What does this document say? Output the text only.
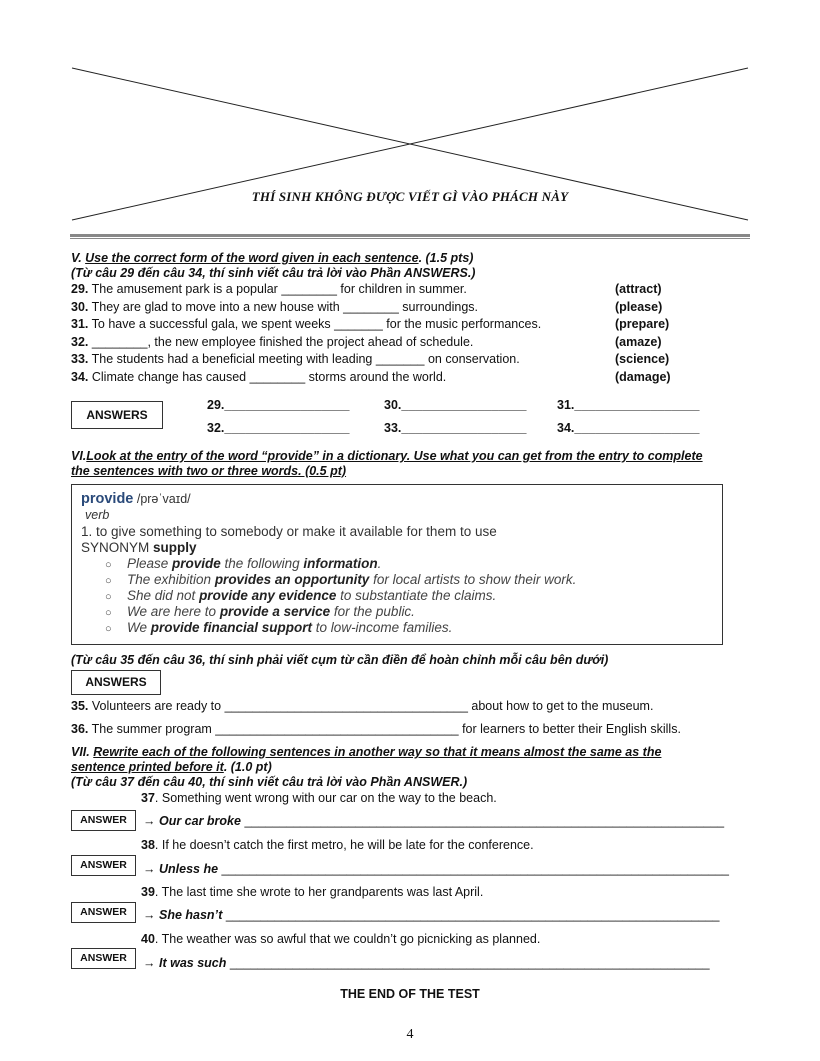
THÍ SINH KHÔNG ĐƯỢC VIẾT GÌ VÀO PHÁCH NÀY
V. Use the correct form of the word given in each sentence. (1.5 pts)
(Từ câu 29 đến câu 34, thí sinh viết câu trả lời vào Phần ANSWERS.)
29. The amusement park is a popular ________ for children in summer.	(attract)
30. They are glad to move into a new house with ________ surroundings.	(please)
31. To have a successful gala, we spent weeks _______ for the music performances.	(prepare)
32. ________, the new employee finished the project ahead of schedule.	(amaze)
33. The students had a beneficial meeting with leading _______ on conservation.	(science)
34. Climate change has caused ________ storms around the world.	(damage)
ANSWERS
29.__________________	30.__________________ 31.__________________
32.__________________	33.__________________ 34.__________________
VI.Look at the entry of the word “provide” in a dictionary. Use what you can get from the entry to complete
the sentences with two or three words. (0.5 pt)
provide /prəˈvaɪd/
verb
1. to give something to somebody or make it available for them to use
SYNONYM supply
○ Please provide the following information.
○ The exhibition provides an opportunity for local artists to show their work.
○ She did not provide any evidence to substantiate the claims.
○ We are here to provide a service for the public.
○ We provide financial support to low-income families.
(Từ câu 35 đến câu 36, thí sinh phải viết cụm từ cần điền để hoàn chỉnh mỗi câu bên dưới)
ANSWERS
35. Volunteers are ready to ___________________________________ about how to get to the museum.
36. The summer program ___________________________________ for learners to better their English skills.
VII. Rewrite each of the following sentences in another way so that it means almost the same as the
sentence printed before it. (1.0 pt)
(Từ câu 37 đến câu 40, thí sinh viết câu trả lời vào Phần ANSWER.)
37. Something went wrong with our car on the way to the beach.
ANSWER	→ Our car broke _____________________________________________________________________
38. If he doesn’t catch the first metro, he will be late for the conference.
ANSWER	→ Unless he _________________________________________________________________________
39. The last time she wrote to her grandparents was last April.
ANSWER	→ She hasn’t _______________________________________________________________________
40. The weather was so awful that we couldn’t go picnicking as planned.
ANSWER	→ It was such _____________________________________________________________________
THE END OF THE TEST
4
